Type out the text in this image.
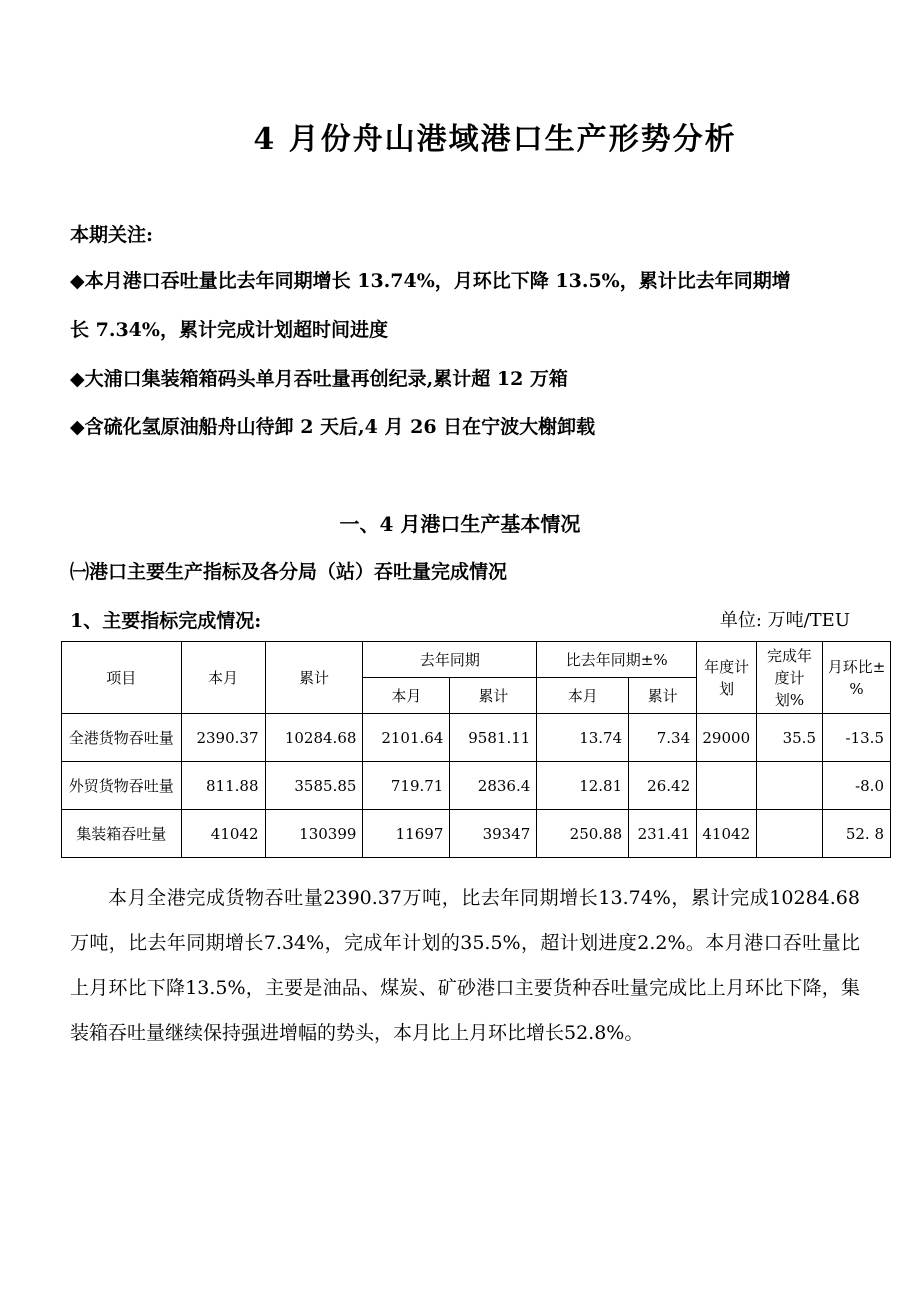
4 月份舟山港域港口生产形势分析
本期关注:
◆本月港口吞吐量比去年同期增长 13.74%，月环比下降 13.5%，累计比去年同期增
长 7.34%，累计完成计划超时间进度
◆大浦口集装箱箱码头单月吞吐量再创纪录,累计超 12 万箱
◆含硫化氢原油船舟山待卸 2 天后,4 月 26 日在宁波大榭卸载
一、4 月港口生产基本情况
㈠港口主要生产指标及各分局（站）吞吐量完成情况
1、主要指标完成情况:	单位: 万吨/TEU
项目	本月	累计	去年同期		比去年同期±%		年度计划	完成年度计划%	月环比±%
			本月	累计	本月	累计			
全港货物吞吐量	2390.37	10284.68	2101.64	9581.11	13.74	7.34	29000	35.5	-13.5
外贸货物吞吐量	811.88	3585.85	719.71	2836.4	12.81	26.42			-8.0
集装箱吞吐量	41042	130399	11697	39347	250.88	231.41	41042		52. 8
本月全港完成货物吞吐量2390.37万吨，比去年同期增长13.74%，累计完成10284.68万吨，比去年同期增长7.34%，完成年计划的35.5%，超计划进度2.2%。本月港口吞吐量比上月环比下降13.5%，主要是油品、煤炭、矿砂港口主要货种吞吐量完成比上月环比下降，集装箱吞吐量继续保持强进增幅的势头，本月比上月环比增长52.8%。
